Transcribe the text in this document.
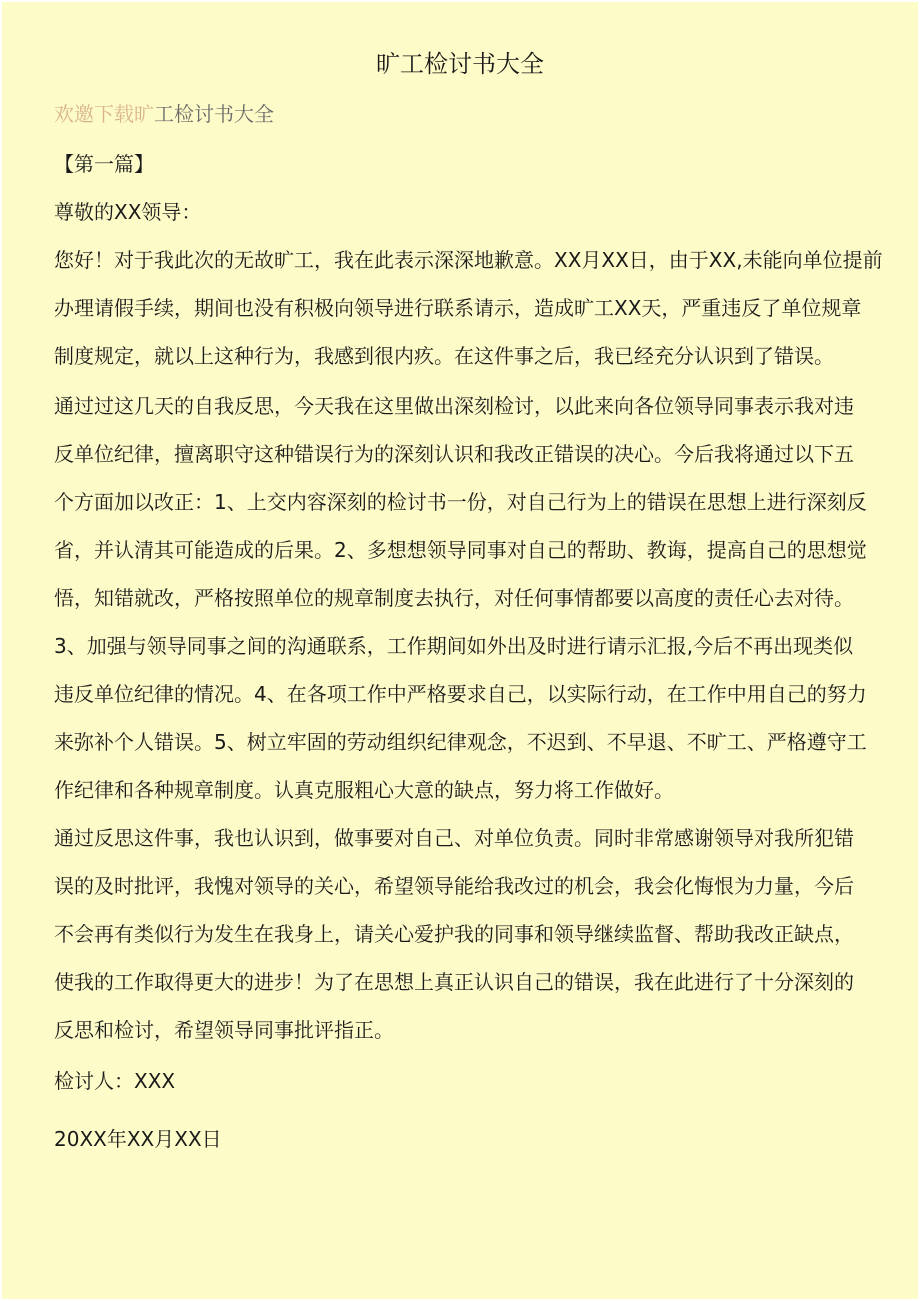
旷工检讨书大全
欢邀下载旷工检讨书大全
【第一篇】
尊敬的XX领导：
您好！对于我此次的无故旷工，我在此表示深深地歉意。XX月XX日，由于XX,未能向单位提前
办理请假手续，期间也没有积极向领导进行联系请示，造成旷工XX天，严重违反了单位规章
制度规定，就以上这种行为，我感到很内疚。在这件事之后，我已经充分认识到了错误。
通过过这几天的自我反思，今天我在这里做出深刻检讨，以此来向各位领导同事表示我对违
反单位纪律，擅离职守这种错误行为的深刻认识和我改正错误的决心。今后我将通过以下五
个方面加以改正：1、上交内容深刻的检讨书一份，对自己行为上的错误在思想上进行深刻反
省，并认清其可能造成的后果。2、多想想领导同事对自己的帮助、教诲，提高自己的思想觉
悟，知错就改，严格按照单位的规章制度去执行，对任何事情都要以高度的责任心去对待。
3、加强与领导同事之间的沟通联系，工作期间如外出及时进行请示汇报,今后不再出现类似
违反单位纪律的情况。4、在各项工作中严格要求自己，以实际行动，在工作中用自己的努力
来弥补个人错误。5、树立牢固的劳动组织纪律观念，不迟到、不早退、不旷工、严格遵守工
作纪律和各种规章制度。认真克服粗心大意的缺点，努力将工作做好。
通过反思这件事，我也认识到，做事要对自己、对单位负责。同时非常感谢领导对我所犯错
误的及时批评，我愧对领导的关心，希望领导能给我改过的机会，我会化悔恨为力量，今后
不会再有类似行为发生在我身上，请关心爱护我的同事和领导继续监督、帮助我改正缺点，
使我的工作取得更大的进步！为了在思想上真正认识自己的错误，我在此进行了十分深刻的
反思和检讨，希望领导同事批评指正。
检讨人：XXX
20XX年XX月XX日
